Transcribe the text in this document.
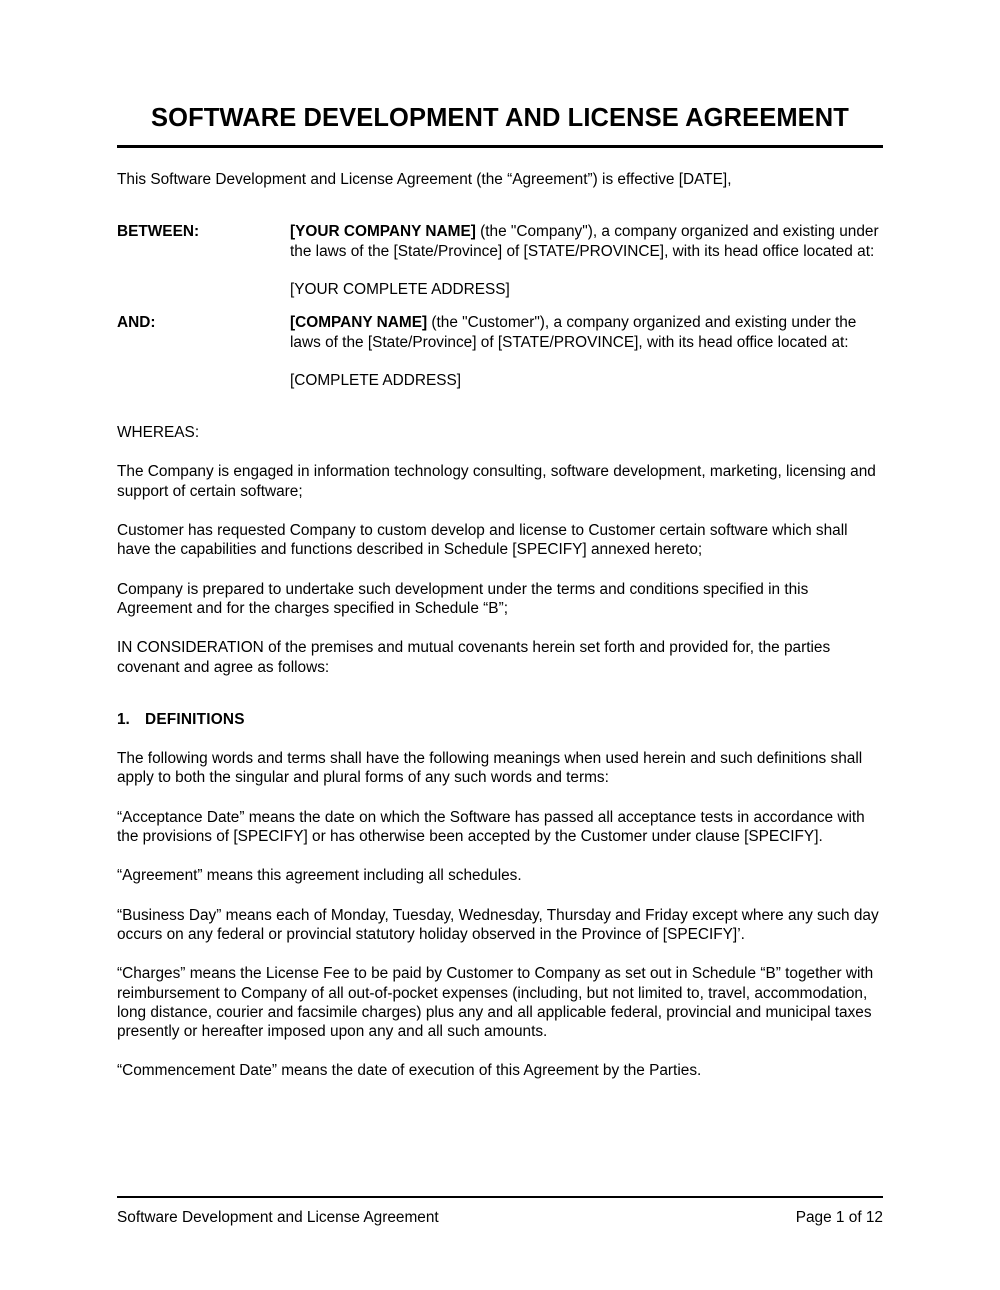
SOFTWARE DEVELOPMENT AND LICENSE AGREEMENT

This Software Development and License Agreement (the “Agreement”) is effective [DATE],

BETWEEN:	[YOUR COMPANY NAME] (the "Company"), a company organized and existing under the laws of the [State/Province] of [STATE/PROVINCE], with its head office located at:
[YOUR COMPLETE ADDRESS]
AND:	[COMPANY NAME] (the "Customer"), a company organized and existing under the laws of the [State/Province] of [STATE/PROVINCE], with its head office located at:
[COMPLETE ADDRESS]

WHEREAS:

The Company is engaged in information technology consulting, software development, marketing, licensing and support of certain software;

Customer has requested Company to custom develop and license to Customer certain software which shall have the capabilities and functions described in Schedule [SPECIFY] annexed hereto;

Company is prepared to undertake such development under the terms and conditions specified in this Agreement and for the charges specified in Schedule “B”;

IN CONSIDERATION of the premises and mutual covenants herein set forth and provided for, the parties covenant and agree as follows:

1. DEFINITIONS

The following words and terms shall have the following meanings when used herein and such definitions shall apply to both the singular and plural forms of any such words and terms:

“Acceptance Date” means the date on which the Software has passed all acceptance tests in accordance with the provisions of [SPECIFY] or has otherwise been accepted by the Customer under clause [SPECIFY].

“Agreement” means this agreement including all schedules.

“Business Day” means each of Monday, Tuesday, Wednesday, Thursday and Friday except where any such day occurs on any federal or provincial statutory holiday observed in the Province of [SPECIFY]’.

“Charges” means the License Fee to be paid by Customer to Company as set out in Schedule “B” together with reimbursement to Company of all out-of-pocket expenses (including, but not limited to, travel, accommodation, long distance, courier and facsimile charges) plus any and all applicable federal, provincial and municipal taxes presently or hereafter imposed upon any and all such amounts.

“Commencement Date” means the date of execution of this Agreement by the Parties.

Software Development and License Agreement	Page 1 of 12
